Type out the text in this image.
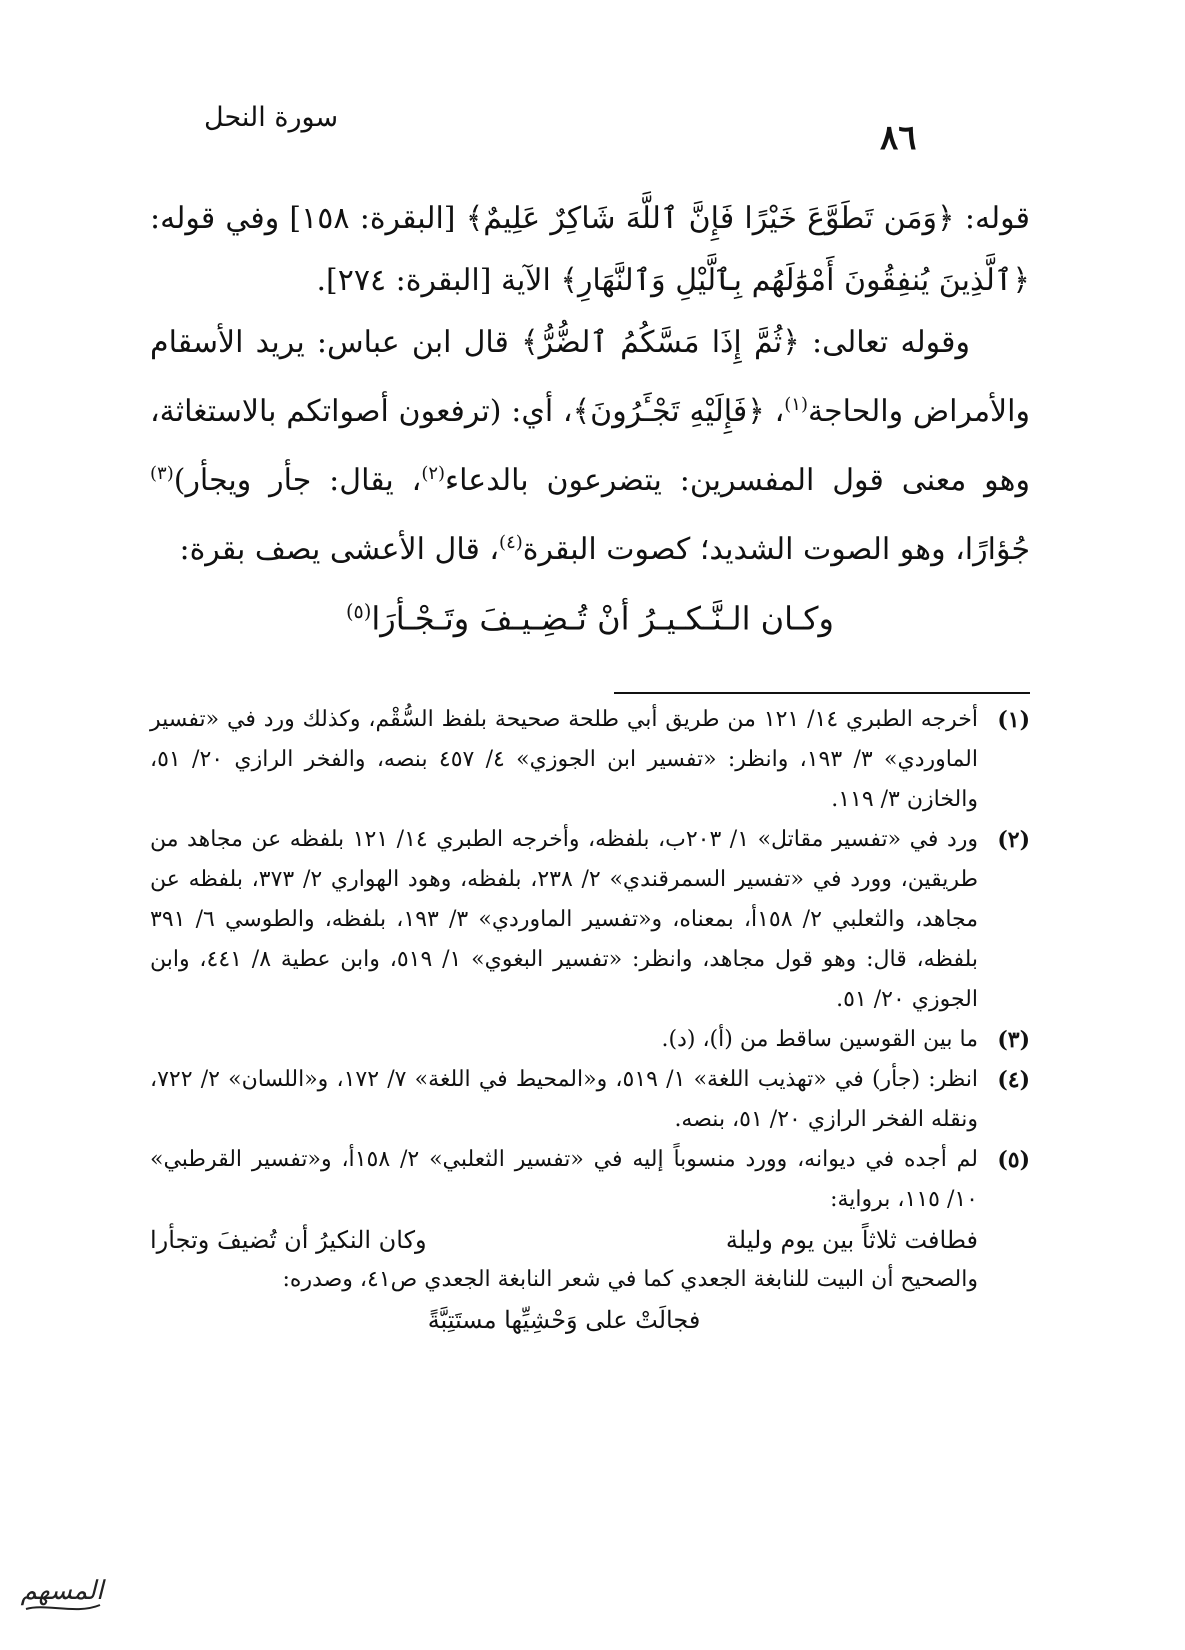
سورة النحل
٨٦

قوله: ﴿وَمَن تَطَوَّعَ خَيْرًا فَإِنَّ ٱللَّهَ شَاكِرٌ عَلِيمٌ﴾ [البقرة: ١٥٨] وفي قوله: ﴿ٱلَّذِينَ يُنفِقُونَ أَمْوَٰلَهُم بِٱلَّيْلِ وَٱلنَّهَارِ﴾ الآية [البقرة: ٢٧٤].

وقوله تعالى: ﴿ثُمَّ إِذَا مَسَّكُمُ ٱلضُّرُّ﴾ قال ابن عباس: يريد الأسقام والأمراض والحاجة$^{(١)}$، ﴿فَإِلَيْهِ تَجْـَٔرُونَ﴾، أي: (ترفعون أصواتكم بالاستغاثة، وهو معنى قول المفسرين: يتضرعون بالدعاء$^{(٢)}$، يقال: جأر ويجأر)$^{(٣)}$ جُؤارًا، وهو الصوت الشديد؛ كصوت البقرة$^{(٤)}$، قال الأعشى يصف بقرة:

وكـان الـنَّـكـيـرُ أنْ تُـضِـيـفَ وتَـجْـأرَا$^{(٥)}$

(١)
أخرجه الطبري ١٤/ ١٢١ من طريق أبي طلحة صحيحة بلفظ السُّقْم، وكذلك ورد في «تفسير الماوردي» ٣/ ١٩٣، وانظر: «تفسير ابن الجوزي» ٤/ ٤٥٧ بنصه، والفخر الرازي ٢٠/ ٥١، والخازن ٣/ ١١٩.
(٢)
ورد في «تفسير مقاتل» ١/ ٢٠٣ب، بلفظه، وأخرجه الطبري ١٤/ ١٢١ بلفظه عن مجاهد من طريقين، وورد في «تفسير السمرقندي» ٢/ ٢٣٨، بلفظه، وهود الهواري ٢/ ٣٧٣، بلفظه عن مجاهد، والثعلبي ٢/ ١٥٨أ، بمعناه، و«تفسير الماوردي» ٣/ ١٩٣، بلفظه، والطوسي ٦/ ٣٩١ بلفظه، قال: وهو قول مجاهد، وانظر: «تفسير البغوي» ١/ ٥١٩، وابن عطية ٨/ ٤٤١، وابن الجوزي ٢٠/ ٥١.
(٣)
ما بين القوسين ساقط من (أ)، (د).
(٤)
انظر: (جأر) في «تهذيب اللغة» ١/ ٥١٩، و«المحيط في اللغة» ٧/ ١٧٢، و«اللسان» ٢/ ٧٢٢، ونقله الفخر الرازي ٢٠/ ٥١، بنصه.
(٥)
لم أجده في ديوانه، وورد منسوباً إليه في «تفسير الثعلبي» ٢/ ١٥٨أ، و«تفسير القرطبي» ١٠/ ١١٥، برواية:
فطافت ثلاثاً بين يوم وليلة
وكان النكيرُ أن تُضيفَ وتجأرا
والصحيح أن البيت للنابغة الجعدي كما في شعر النابغة الجعدي ص٤١، وصدره:
فجالَتْ على وَحْشِيِّها مستَتِبَّةً
المسهم
